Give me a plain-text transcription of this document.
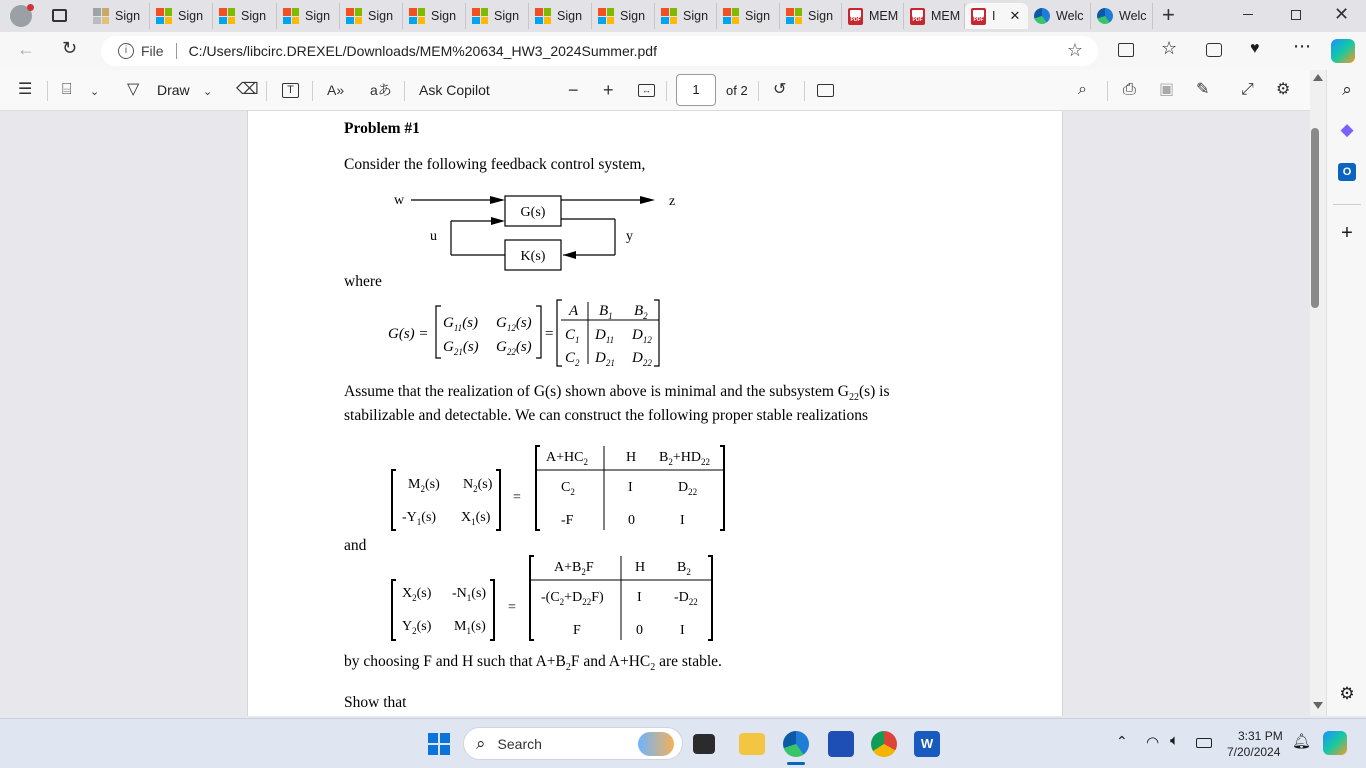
Sign	Sign	Sign	Sign	Sign	Sign	Sign	Sign	Sign	Sign	Sign	Sign	PDF MEM	PDF MEM	PDF I ✕	Welc	Welc +	✕
← ↻	i File C:/Users/libcirc.DREXEL/Downloads/MEM%20634_HW3_2024Summer.pdf	☆	☆	♥ ⋯
☰ ⌸ ⌄ ▽ Draw ⌄ ⌫	T	A» aあ Ask Copilot	− +	↔	1	of 2 ↺	⌕ ⎙ ▣ ✎ ⤢ ⚙
Problem #1
Consider the following feedback control system,
w
G(s)
z
y
K(s)
u
where
G(s) =
$G_{11}(s)$ $G_{12}(s)$
$G_{21}(s)$ $G_{22}(s)$
=
A $B_1$ $B_2$
$C_1$ $D_{11}$ $D_{12}$
$C_2$ $D_{21}$ $D_{22}$
Assume that the realization of G(s) shown above is minimal and the subsystem $G_{22}(s)$ is
stabilizable and detectable. We can construct the following proper stable realizations
$M_2(s)$ $N_2(s)$
$-Y_1(s)$ $X_1(s)$
=
$A+HC_2$	H $B_2+HD_{22}$
$C_2$	I	$D_{22}$
-F	0	I
and
$X_2(s)$ $-N_1(s)$
$Y_2(s)$ $M_1(s)$
=
$A+B_2F$	H $B_2$
$-(C_2+D_{22}F)$ I $-D_{22}$
F	0	I
by choosing F and H such that $A+B_2F$ and $A+HC_2$ are stable.
Show that
⌕
◆
O
+
⚙
⌕ Search	W	⌃ ◠ 🔈︎	3:31 PM
7/20/2024
🔔︎
